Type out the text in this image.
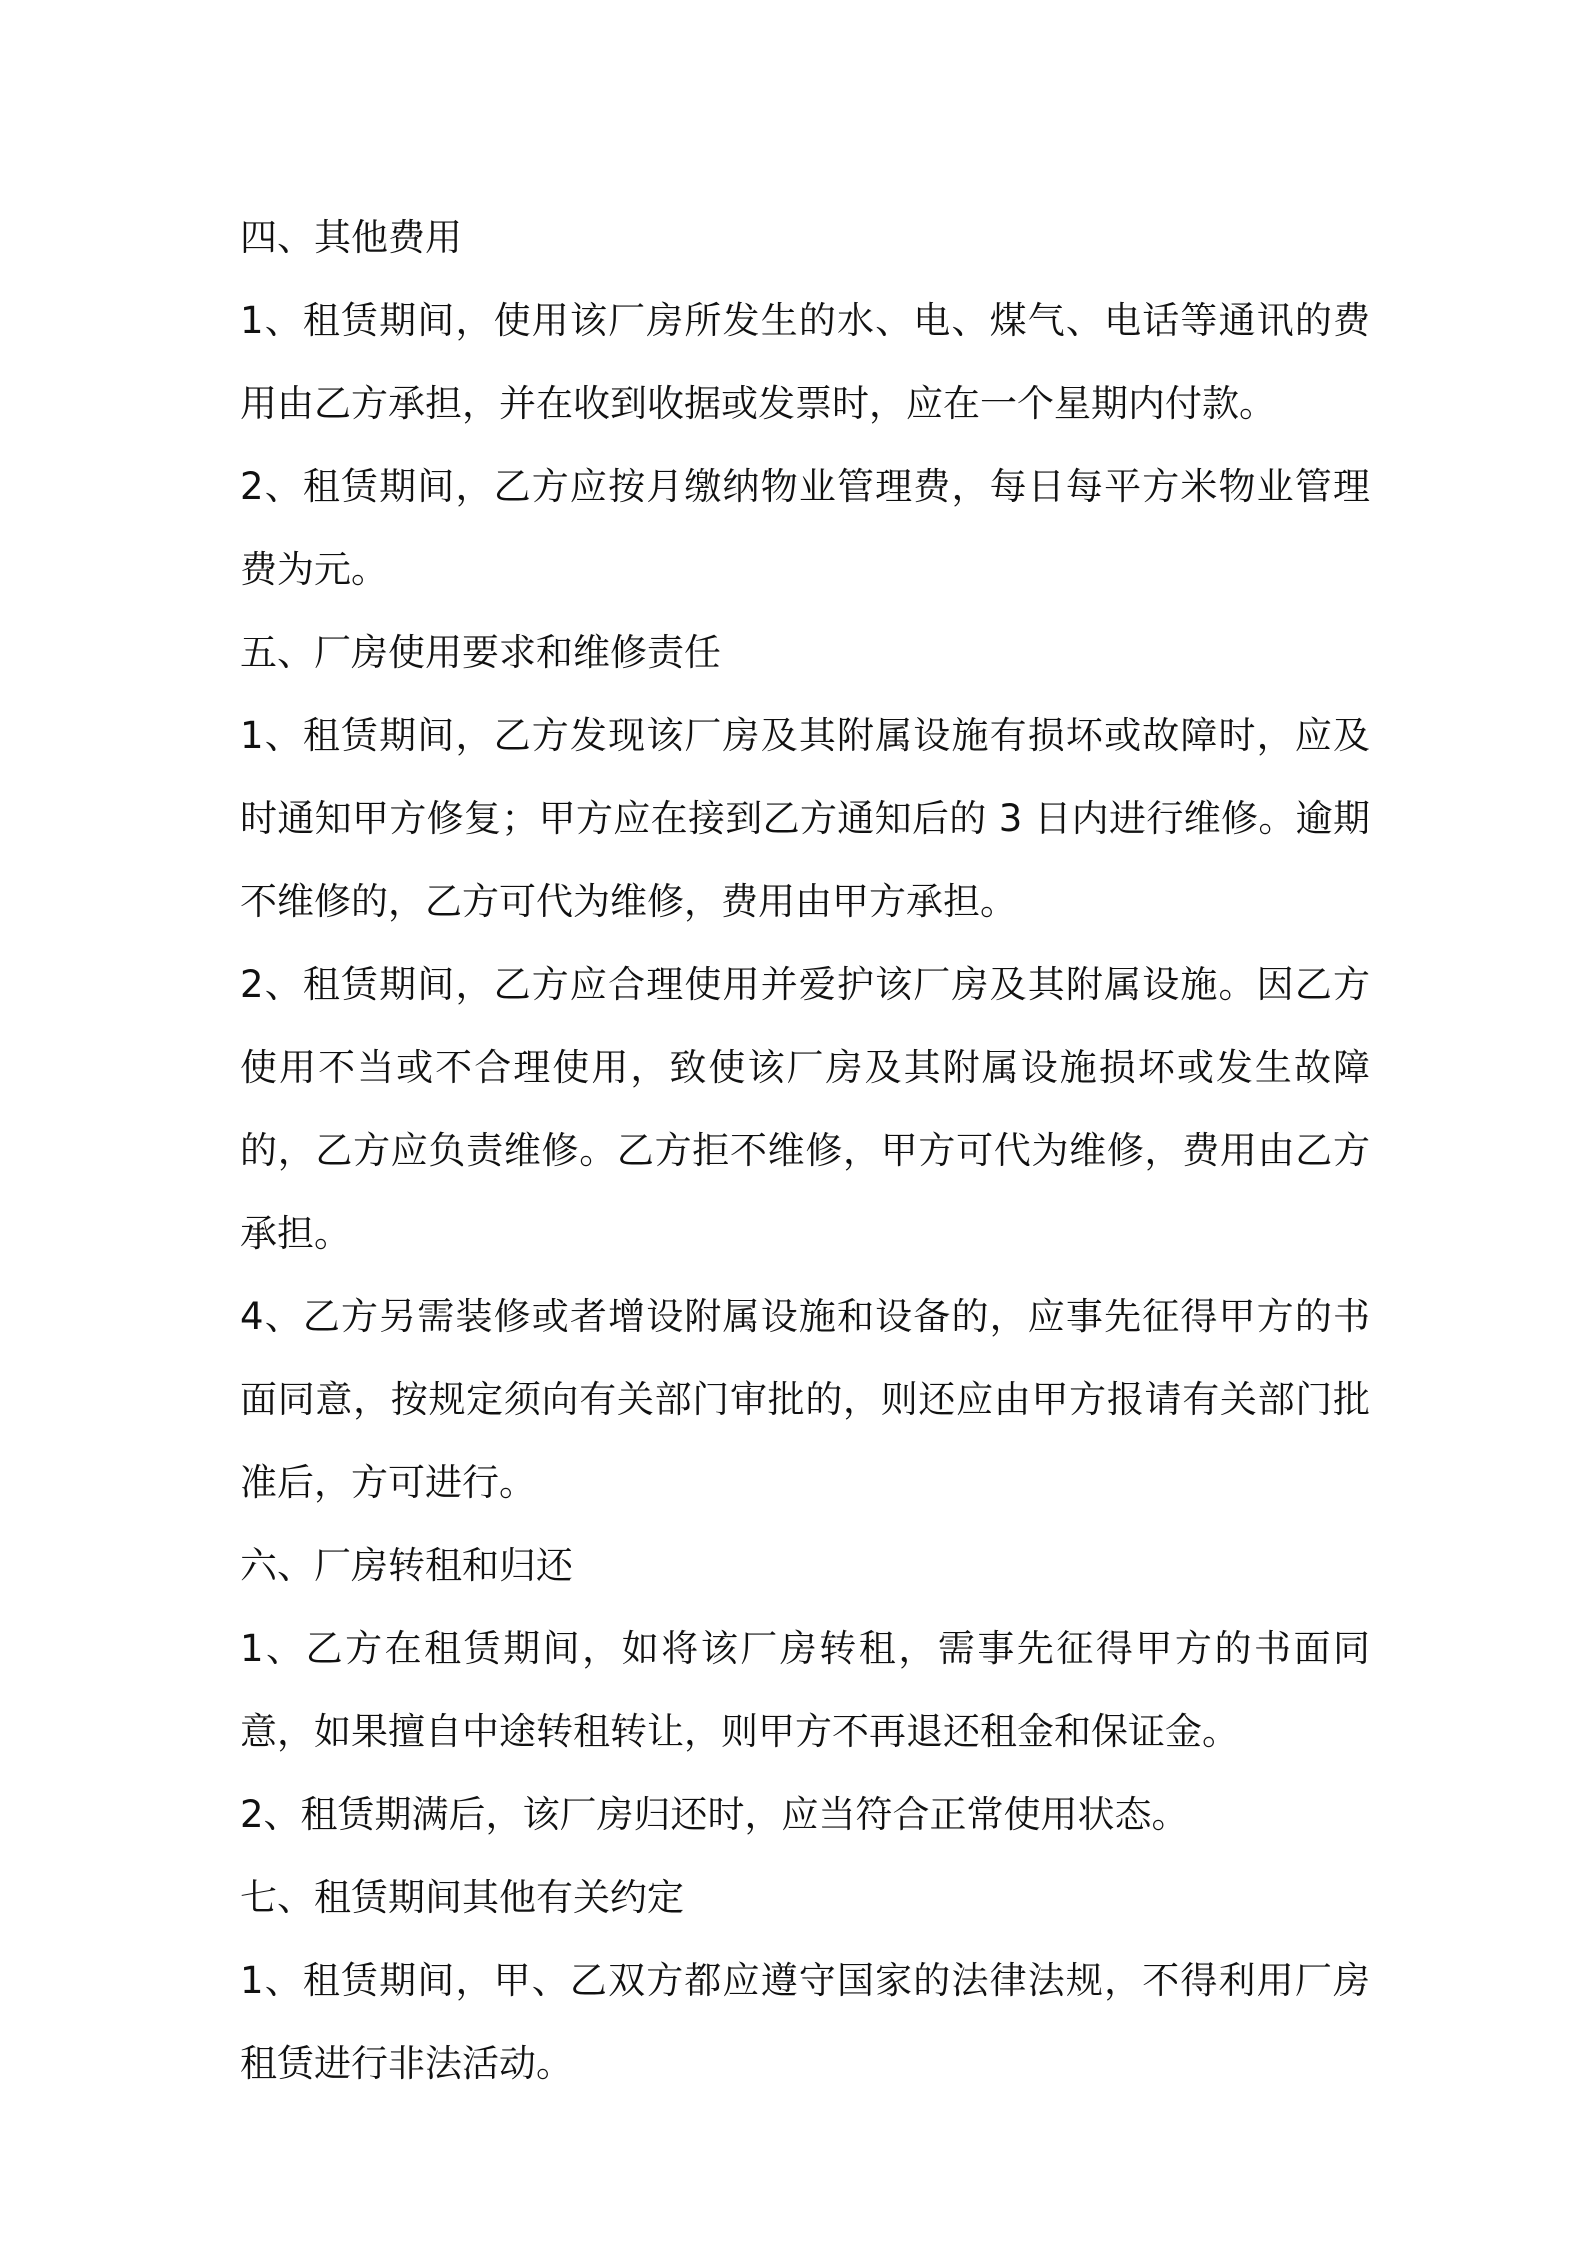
四、其他费用

1、租赁期间，使用该厂房所发生的水、电、煤气、电话等通讯的费用由乙方承担，并在收到收据或发票时，应在一个星期内付款。

2、租赁期间，乙方应按月缴纳物业管理费，每日每平方米物业管理费为元。

五、厂房使用要求和维修责任

1、租赁期间，乙方发现该厂房及其附属设施有损坏或故障时，应及时通知甲方修复；甲方应在接到乙方通知后的 3 日内进行维修。逾期不维修的，乙方可代为维修，费用由甲方承担。

2、租赁期间，乙方应合理使用并爱护该厂房及其附属设施。因乙方使用不当或不合理使用，致使该厂房及其附属设施损坏或发生故障的，乙方应负责维修。乙方拒不维修，甲方可代为维修，费用由乙方承担。

4、乙方另需装修或者增设附属设施和设备的，应事先征得甲方的书面同意，按规定须向有关部门审批的，则还应由甲方报请有关部门批准后，方可进行。

六、厂房转租和归还

1、乙方在租赁期间，如将该厂房转租，需事先征得甲方的书面同意，如果擅自中途转租转让，则甲方不再退还租金和保证金。

2、租赁期满后，该厂房归还时，应当符合正常使用状态。

七、租赁期间其他有关约定

1、租赁期间，甲、乙双方都应遵守国家的法律法规，不得利用厂房租赁进行非法活动。
